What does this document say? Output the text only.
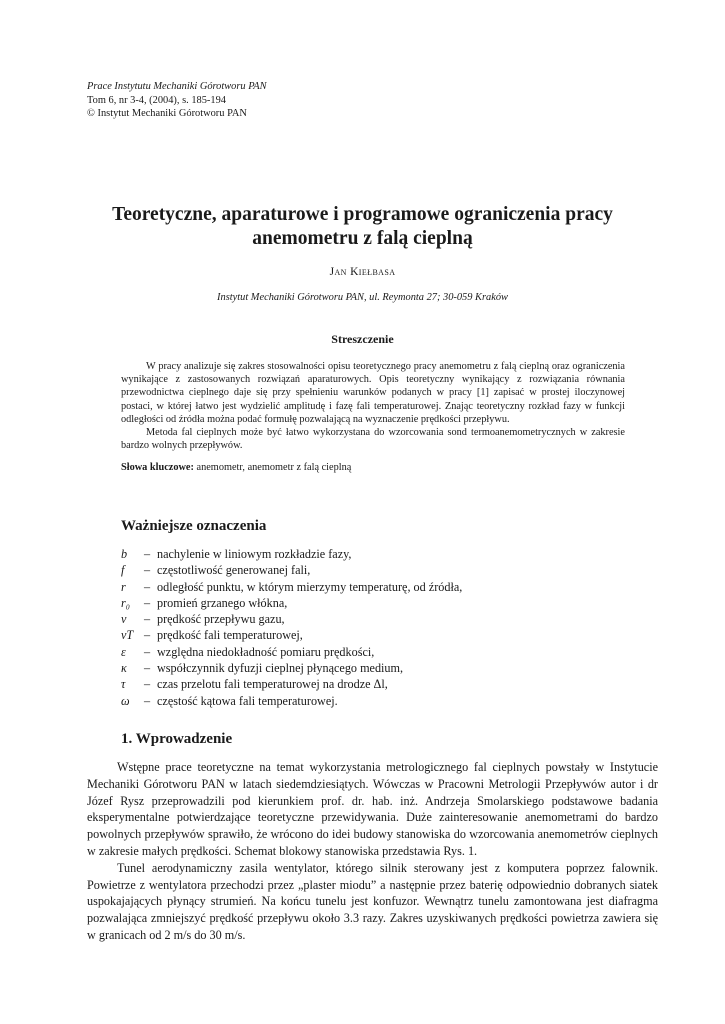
Prace Instytutu Mechaniki Górotworu PAN
Tom 6, nr 3-4, (2004), s. 185-194
© Instytut Mechaniki Górotworu PAN
Teoretyczne, aparaturowe i programowe ograniczenia pracy anemometru z falą cieplną
Jan Kiełbasa
Instytut Mechaniki Górotworu PAN, ul. Reymonta 27; 30-059 Kraków
Streszczenie

W pracy analizuje się zakres stosowalności opisu teoretycznego pracy anemometru z falą cieplną oraz ograniczenia wynikające z zastosowanych rozwiązań aparaturowych. Opis teoretyczny wynikający z rozwiązania równania przewodnictwa cieplnego daje się przy spełnieniu warunków podanych w pracy [1] zapisać w prostej iloczynowej postaci, w której łatwo jest wydzielić amplitudę i fazę fali temperaturowej. Znając teoretyczny rozkład fazy w funkcji odległości od źródła można podać formułę pozwalającą na wyznaczenie prędkości przepływu.

Metoda fal cieplnych może być łatwo wykorzystana do wzorcowania sond termoanemometrycznych w zakresie bardzo wolnych przepływów.

Słowa kluczowe: anemometr, anemometr z falą cieplną
Ważniejsze oznaczenia
b	– nachylenie w liniowym rozkładzie fazy,
f	– częstotliwość generowanej fali,
r	– odległość punktu, w którym mierzymy temperaturę, od źródła,
r₀	– promień grzanego włókna,
v	– prędkość przepływu gazu,
vT – prędkość fali temperaturowej,
ε	– względna niedokładność pomiaru prędkości,
κ	– współczynnik dyfuzji cieplnej płynącego medium,
τ	– czas przelotu fali temperaturowej na drodze Δl,
ω	– częstość kątowa fali temperaturowej.
1. Wprowadzenie

Wstępne prace teoretyczne na temat wykorzystania metrologicznego fal cieplnych powstały w Instytucie Mechaniki Górotworu PAN w latach siedemdziesiątych. Wówczas w Pracowni Metrologii Przepływów autor i dr Józef Rysz przeprowadzili pod kierunkiem prof. dr. hab. inż. Andrzeja Smolarskiego podstawowe badania eksperymentalne potwierdzające teoretyczne przewidywania. Duże zainteresowanie anemometrami do bardzo powolnych przepływów sprawiło, że wrócono do idei budowy stanowiska do wzorcowania anemometrów cieplnych w zakresie małych prędkości. Schemat blokowy stanowiska przedstawia Rys. 1.

Tunel aerodynamiczny zasila wentylator, którego silnik sterowany jest z komputera poprzez falownik. Powietrze z wentylatora przechodzi przez „plaster miodu” a następnie przez baterię odpowiednio dobranych siatek uspokajających płynący strumień. Na końcu tunelu jest konfuzor. Wewnątrz tunelu zamontowana jest diafragma pozwalająca zmniejszyć prędkość przepływu około 3.3 razy. Zakres uzyskiwanych prędkości powietrza zawiera się w granicach od 2 m/s do 30 m/s.
